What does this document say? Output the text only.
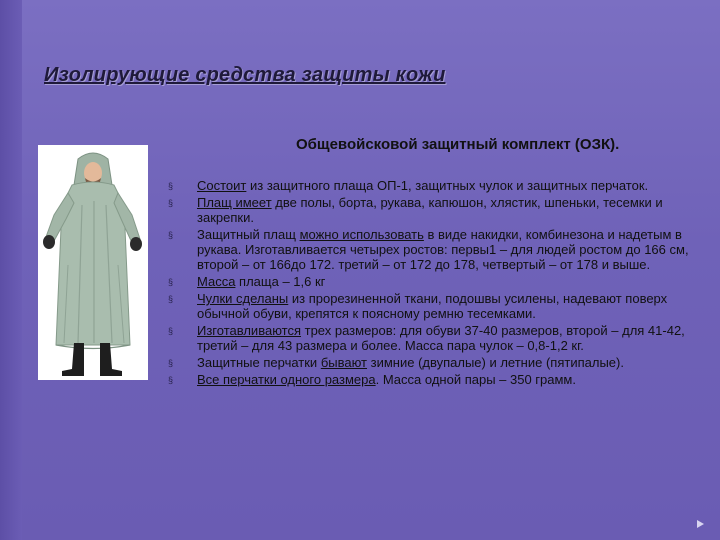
Изолирующие средства защиты кожи
Общевойсковой защитный комплект (ОЗК).
§ Состоит из защитного плаща ОП-1, защитных чулок и защитных перчаток.
§ Плащ имеет две полы, борта, рукава, капюшон, хлястик, шпеньки, тесемки и закрепки.
§ Защитный плащ можно использовать в виде накидки, комбинезона и надетым в рукава. Изготавливается четырех ростов: первы1 – для людей ростом до 166 см, второй – от 166до 172. третий – от 172 до 178, четвертый – от 178 и выше.
§ Масса плаща – 1,6 кг
§ Чулки сделаны из прорезиненной ткани, подошвы усилены, надевают поверх обычной обуви, крепятся к поясному ремню тесемками.
§ Изготавливаются трех размеров: для обуви 37-40 размеров, второй – для 41-42, третий – для 43 размера и более. Масса пара чулок – 0,8-1,2 кг.
§ Защитные перчатки бывают зимние (двупалые) и летние (пятипалые).
§ Все перчатки одного размера. Масса одной пары – 350 грамм.
